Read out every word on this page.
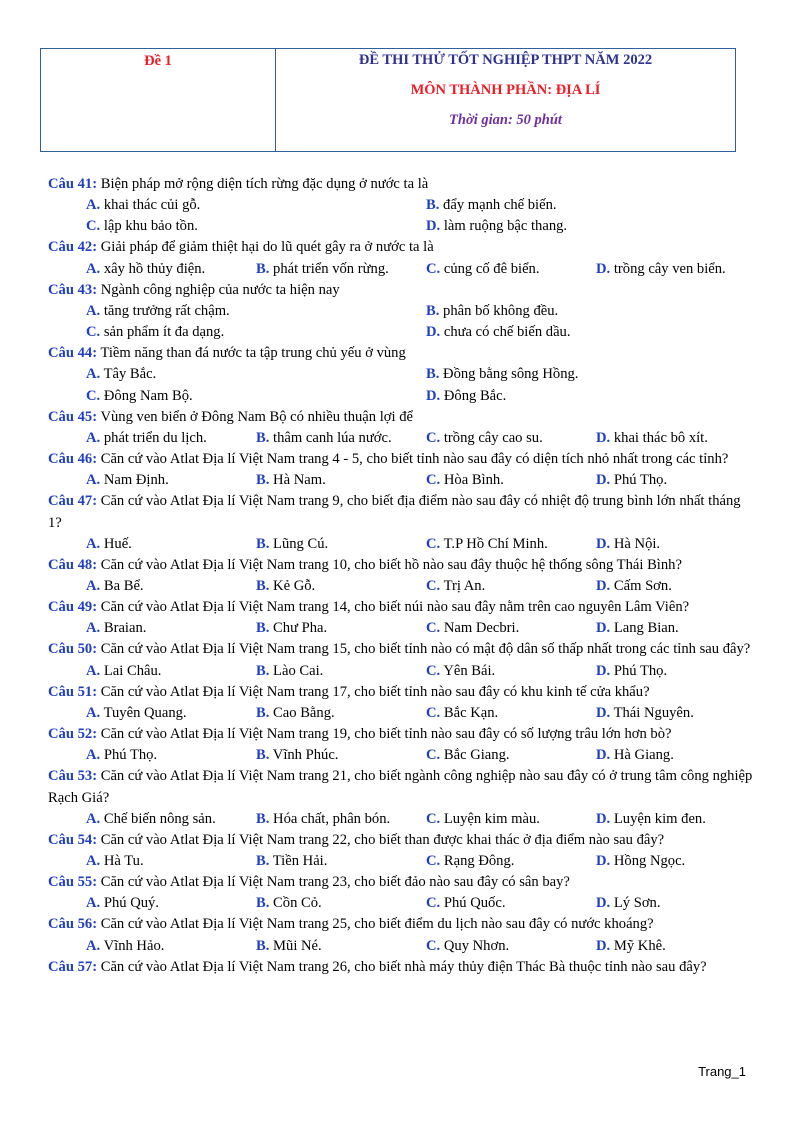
Đề 1	ĐỀ THI THỬ TỐT NGHIỆP THPT NĂM 2022
MÔN THÀNH PHẦN: ĐỊA LÍ
Thời gian: 50 phút

Câu 41: Biện pháp mở rộng diện tích rừng đặc dụng ở nước ta là

A. khai thác củi gỗ.	B. đẩy mạnh chế biến.
C. lập khu bảo tồn.	D. làm ruộng bậc thang.

Câu 42: Giải pháp để giảm thiệt hại do lũ quét gây ra ở nước ta là

A. xây hồ thủy điện.	B. phát triển vốn rừng.	C. củng cố đê biển.	D. trồng cây ven biển.

Câu 43: Ngành công nghiệp của nước ta hiện nay

A. tăng trưởng rất chậm.	B. phân bố không đều.
C. sản phẩm ít đa dạng.	D. chưa có chế biến dầu.

Câu 44: Tiềm năng than đá nước ta tập trung chủ yếu ở vùng

A. Tây Bắc.	B. Đồng bằng sông Hồng.
C. Đông Nam Bộ.	D. Đông Bắc.

Câu 45: Vùng ven biển ở Đông Nam Bộ có nhiều thuận lợi để

A. phát triển du lịch.	B. thâm canh lúa nước.	C. trồng cây cao su.	D. khai thác bô xít.

Câu 46: Căn cứ vào Atlat Địa lí Việt Nam trang 4 - 5, cho biết tỉnh nào sau đây có diện tích nhỏ nhất trong các tỉnh?

A. Nam Định.	B. Hà Nam.	C. Hòa Bình.	D. Phú Thọ.

Câu 47: Căn cứ vào Atlat Địa lí Việt Nam trang 9, cho biết địa điểm nào sau đây có nhiệt độ trung bình lớn nhất tháng 1?

A. Huế.	B. Lũng Cú.	C. T.P Hồ Chí Minh.	D. Hà Nội.

Câu 48: Căn cứ vào Atlat Địa lí Việt Nam trang 10, cho biết hồ nào sau đây thuộc hệ thống sông Thái Bình?

A. Ba Bể.	B. Kẻ Gỗ.	C. Trị An.	D. Cấm Sơn.

Câu 49: Căn cứ vào Atlat Địa lí Việt Nam trang 14, cho biết núi nào sau đây nằm trên cao nguyên Lâm Viên?

A. Braian.	B. Chư Pha.	C. Nam Decbri.	D. Lang Bian.

Câu 50: Căn cứ vào Atlat Địa lí Việt Nam trang 15, cho biết tỉnh nào có mật độ dân số thấp nhất trong các tỉnh sau đây?

A. Lai Châu.	B. Lào Cai.	C. Yên Bái.	D. Phú Thọ.

Câu 51: Căn cứ vào Atlat Địa lí Việt Nam trang 17, cho biết tỉnh nào sau đây có khu kinh tế cửa khẩu?

A. Tuyên Quang.	B. Cao Bằng.	C. Bắc Kạn.	D. Thái Nguyên.

Câu 52: Căn cứ vào Atlat Địa lí Việt Nam trang 19, cho biết tỉnh nào sau đây có số lượng trâu lớn hơn bò?

A. Phú Thọ.	B. Vĩnh Phúc.	C. Bắc Giang.	D. Hà Giang.

Câu 53: Căn cứ vào Atlat Địa lí Việt Nam trang 21, cho biết ngành công nghiệp nào sau đây có ở trung tâm công nghiệp Rạch Giá?

A. Chế biến nông sản.	B. Hóa chất, phân bón.	C. Luyện kim màu.	D. Luyện kim đen.

Câu 54: Căn cứ vào Atlat Địa lí Việt Nam trang 22, cho biết than được khai thác ở địa điểm nào sau đây?

A. Hà Tu.	B. Tiền Hải.	C. Rạng Đông.	D. Hồng Ngọc.

Câu 55: Căn cứ vào Atlat Địa lí Việt Nam trang 23, cho biết đảo nào sau đây có sân bay?

A. Phú Quý.	B. Cồn Cỏ.	C. Phú Quốc.	D. Lý Sơn.

Câu 56: Căn cứ vào Atlat Địa lí Việt Nam trang 25, cho biết điểm du lịch nào sau đây có nước khoáng?

A. Vĩnh Hảo.	B. Mũi Né.	C. Quy Nhơn.	D. Mỹ Khê.

Câu 57: Căn cứ vào Atlat Địa lí Việt Nam trang 26, cho biết nhà máy thủy điện Thác Bà thuộc tỉnh nào sau đây?

Trang_1
